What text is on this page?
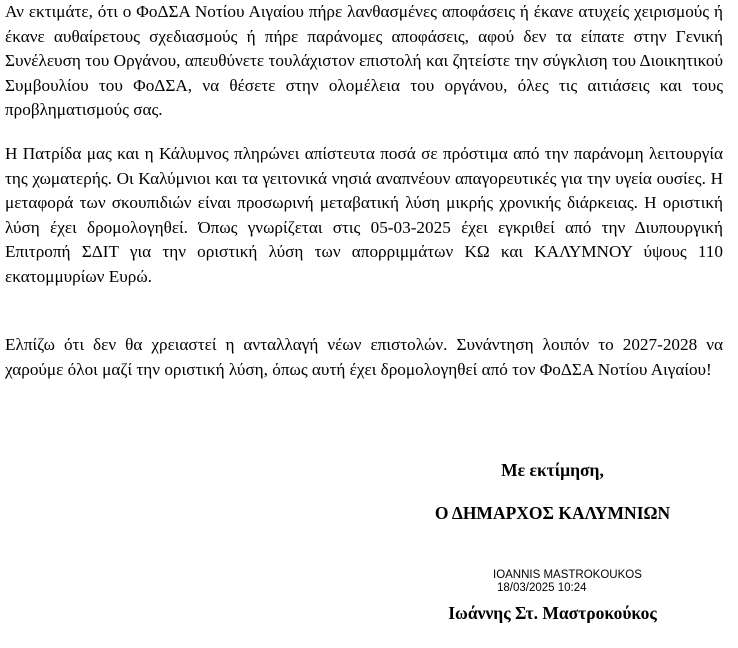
Αν εκτιμάτε, ότι ο ΦοΔΣΑ Νοτίου Αιγαίου πήρε λανθασμένες αποφάσεις ή έκανε ατυχείς χειρισμούς ή έκανε αυθαίρετους σχεδιασμούς ή πήρε παράνομες αποφάσεις, αφού δεν τα είπατε στην Γενική Συνέλευση του Οργάνου, απευθύνετε τουλάχιστον επιστολή και ζητείστε την σύγκλιση του Διοικητικού Συμβουλίου του ΦοΔΣΑ, να θέσετε στην ολομέλεια του οργάνου, όλες τις αιτιάσεις και τους προβληματισμούς σας.

Η Πατρίδα μας και η Κάλυμνος πληρώνει απίστευτα ποσά σε πρόστιμα από την παράνομη λειτουργία της χωματερής. Οι Καλύμνιοι και τα γειτονικά νησιά αναπνέουν απαγορευτικές για την υγεία ουσίες. Η μεταφορά των σκουπιδιών είναι προσωρινή μεταβατική λύση μικρής χρονικής διάρκειας. Η οριστική λύση έχει δρομολογηθεί. Όπως γνωρίζεται στις 05-03-2025 έχει εγκριθεί από την Διυπουργική Επιτροπή ΣΔΙΤ για την οριστική λύση των απορριμμάτων ΚΩ και ΚΑΛΥΜΝΟΥ ύψους 110 εκατομμυρίων Ευρώ.

Ελπίζω ότι δεν θα χρειαστεί η ανταλλαγή νέων επιστολών. Συνάντηση λοιπόν το 2027-2028 να χαρούμε όλοι μαζί την οριστική λύση, όπως αυτή έχει δρομολογηθεί από τον ΦοΔΣΑ Νοτίου Αιγαίου!

Με εκτίμηση,

Ο ΔΗΜΑΡΧΟΣ ΚΑΛΥΜΝΙΩΝ

IOANNIS MASTROKOUKOS
18/03/2025 10:24

Ιωάννης Στ. Μαστροκούκος
